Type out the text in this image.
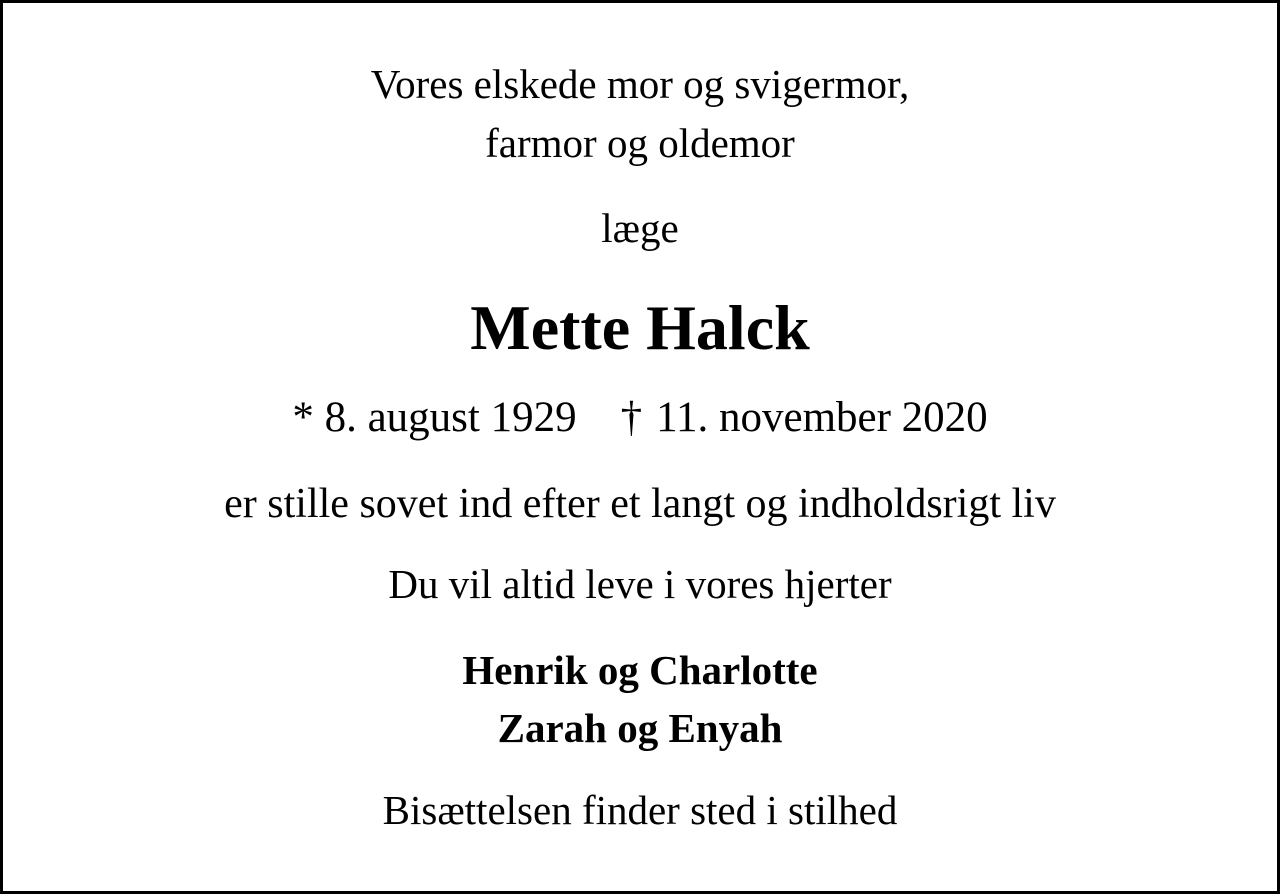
Vores elskede mor og svigermor,
farmor og oldemor
læge
Mette Halck
* 8. august 1929 † 11. november 2020
er stille sovet ind efter et langt og indholdsrigt liv
Du vil altid leve i vores hjerter
Henrik og Charlotte
Zarah og Enyah
Bisættelsen finder sted i stilhed
